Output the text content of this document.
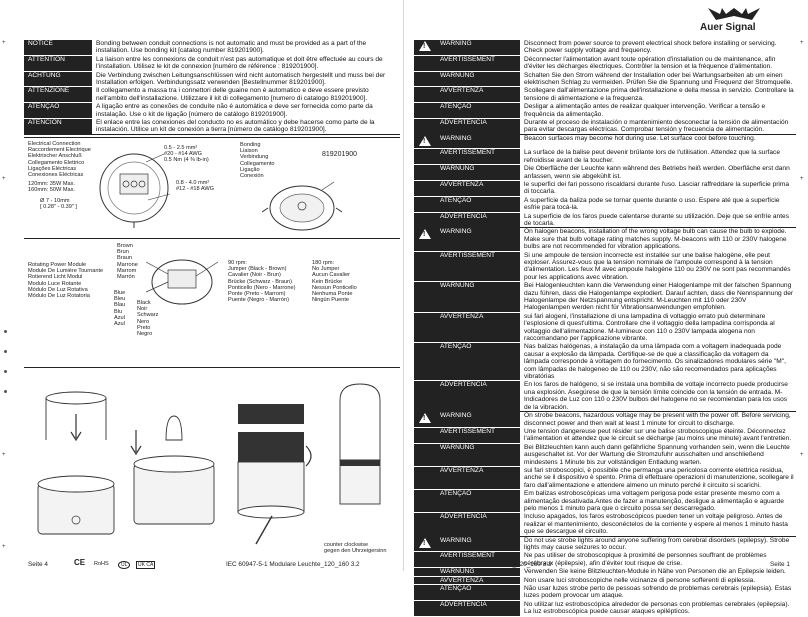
+
+
+
+
NOTICE	Bonding between conduit connections is not automatic and must be provided as a part of the installation. Use bonding kit [catalog number 819201900].
ATTENTION	La liaison entre les connexions de conduit n'est pas automatique et doit être effectuée au cours de l'installation. Utilisez le kit de connexion [numéro de référence : 819201900].
ACHTUNG	Die Verbindung zwischen Leitungsanschlüssen wird nicht automatisch hergestellt und muss bei der Installation erfolgen. Verbindungssatz verwenden [Bestellnummer 819201900].
ATTENZIONE	Il collegamento a massa tra i connettori delle guaine non è automatico e deve essere previsto nell'ambito dell'installazione. Utilizzare il kit di collegamento [numero di catalogo 819201900].
ATENÇÃO	A ligação entre as conexões de conduíte não é automática e deve ser fornecida como parte da instalação. Use o kit de ligação [número de catálogo 819201900].
ATENCION	El enlace entre las conexiones del conducto no es automático y debe hacerse como parte de la instalación. Utilice un kit de conexión a tierra [número de catálogo 819201900].
Electrical Connection
Raccordement Electrique
Elektrischer Anschluß
Collegamento Elettrico
Ligações Eléctricas
Conexiones Eléctricas
120mm: 35W Max.
160mm: 50W Max.
0.5 - 2.5 mm²
#20 - #14 AWG
0.5 Nm (4 ⅜ lb-in)
0.8 - 4.0 mm²
#12 - #18 AWG
Ø 7 - 10mm
[ 0.28" - 0.39" ]
Bonding
Liaison
Verbindung
Collegamento
Ligação
Conexión
819201900
Rotating Power Module
Module De Lumière Tournante
Rotierend Licht Modul
Modulo Luce Rotante
Módulo De Luz Rotativa
Módulo De Luz Rotatoria
Brown
Brun
Braun
Marrone
Marrom
Marrón
Blue
Bleu
Blau
Blu
Azul
Azul
Black
Noir
Schwarz
Nero
Preto
Negro
90 rpm:
Jumper (Black - Brown)
Cavalier (Noir - Brun)
Brücke (Schwarz - Braun)
Ponticello (Nero - Marrone)
Ponte (Preto - Marrom)
Puente (Negro - Marrón)
180 rpm:
No Jumper
Aucun Cavalier
Kein Brücke
Nessun Ponticello
Nenhuma Ponte
Ningún Puente
counter clockwise
gegen den Uhrzeigersinn
Seite 4	CE RoHS	UL	UK CA	IEC 60947-5-1 Modulare Leuchte_120_160 3.2
Auer Signal
+
+
+
!	WARNING	Disconnect from power source to prevent electrical shock before installing or servicing. Check power supply voltage and frequency.
	AVERTISSEMENT	Déconnecter l'alimentation avant toute opération d'installation ou de maintenance, afin d'éviter les décharges électriques. Contrôler la tension et la fréquence d'alimentation.
	WARNUNG	Schalten Sie den Strom während der Installation oder bei Wartungsarbeiten ab um einen elektrischen Schlag zu vermeiden. Prüfen Sie die Spannung und Frequenz der Stromquelle.
	AVVERTENZA	Scollegare dall'alimentazione prima dell'installazione e della messa in servizio. Controllare la tensione di alimentazione e la frequenza.
	ATENÇÃO	Desligar a alimentação antes de realizar qualquer intervenção. Verificar a tensão e frequência da alimentação.
	ADVERTENCIA	Durante el proceso de instalación o mantenimiento desconectar la tensión de alimentación para evitar descargas eléctricas. Comprobar tensión y frecuencia de alimentación.

!	WARNING	Beacon surfaces may become hot during use. Let surface cool before touching.
	AVERTISSEMENT	La surface de la balise peut devenir brûlante lors de l'utilisation. Attendez que la surface refroidisse avant de la toucher.
	WARNUNG	Die Oberfläche der Leuchte kann während des Betriebs heiß werden. Oberfläche erst dann anfassen, wenn sie abgekühlt ist.
	AVVERTENZA	le superfici dei fari possono riscaldarsi durante l'uso. Lasciar raffreddare la superficie prima di toccarla.
	ATENÇÃO	A superfície da baliza pode se tornar quente durante o uso. Espere até que a superfície esfrie para tocá-la.
	ADVERTENCIA	La superficie de los faros puede calentarse durante su utilización. Deje que se enfríe antes de tocarla.

!	WARNING	On halogen beacons, installation of the wrong voltage bulb can cause the bulb to explode. Make sure that bulb voltage rating matches supply. M-beacons with 110 or 230V halogene bulbs are not recommended for vibration applications.
	AVERTISSEMENT	Si une ampoule de tension incorrecte est installée sur une balise halogène, elle peut exploser. Assurez-vous que la tension nominale de l'ampoule correspond à la tension d'alimentation. Les feux M avec ampoule halogène 110 ou 230V ne sont pas recommandés pour les applications avec vibration.
	WARNUNG	Bei Halogenleuchten kann die Verwendung einer Halogenlampe mit der falschen Spannung dazu führen, dass die Halogenlampe explodiert. Darauf achten, dass die Nennspannung der Halogenlampe der Netzspannung entspricht. M-Leuchten mit 110 oder 230V Halogenlampen werden nicht für Vibrationsanwendungen empfohlen.
	AVVERTENZA	sui fari alogeni, l'installazione di una lampadina di voltaggio errato può determinare l'esplosione di quest'ultima. Controllare che il voltaggio della lampadina corrisponda al voltaggio dell'alimentazione. M-lumineux con 110 o 230V lampada alogena non raccomandano per l'applicazione vibrante.
	ATENÇÃO	Nas balizas halógenas, a instalação da uma lâmpada com a voltagem inadequada pode causar a explosão da lâmpada. Certifique-se de que a classificação da voltagem da lâmpada corresponde à voltagem do fornecimento. Os sinalizadores modulares série "M", com lâmpadas de halogeneo de 110 ou 230V, não são recomendados para aplicações vibratórias
	ADVERTENCIA	En los faros de halógeno, si se instala una bombilla de voltaje incorrecto puede producirse una explosión. Asegúrese de que la tensión límite coincide con la tensión de entrada. M-Indicadores de Luz con 110 o 230V bulbos del halogene no se recomiendan para los usos de la vibración.

!	WARNING	On strobe beacons, hazardous voltage may be present with the power off. Before servicing, disconnect power and then wait at least 1 minute for circuit to discharge.
	AVERTISSEMENT	Une tension dangereuse peut résider sur une balise stroboscopique éteinte. Déconnectez l'alimentation et attendez que le circuit se décharge (au moins une minute) avant l'entretien.
	WARNUNG	Bei Blitzleuchten kann auch dann gefährliche Spannung vorhanden sein, wenn die Leuchte ausgeschaltet ist. Vor der Wartung die Stromzufuhr ausschalten und anschließend mindestens 1 Minute bis zur vollständigen Entladung warten.
	AVVERTENZA	sui fari stroboscopici, è possibile che permanga una pericolosa corrente elettrica residua, anche se il dispositivo è spento. Prima di effettuare operazioni di manutenzione, scollegare il faro dall'alimentazione e attendere almeno un minuto perché il circuito si scarichi.
	ATENÇÃO	Em balizas estroboscópicas uma voltagem perigosa pode estar presente mesmo com a alimentação desativada.Antes de fazer a manutenção, desligue a alimentação e aguarde pelo menos 1 minuto para que o circuito possa ser descarregado.
	ADVERTENCIA	Incluso apagados, los faros estroboscópicos pueden tener un voltaje peligroso. Antes de realizar el mantenimiento, desconéctelos de la corriente y espere al menos 1 minuto hasta que se descargue el circuito.

!	WARNING	Do not use strobe lights around anyone suffering from cerebral disorders (epilepsy). Strobe lights may cause seizures to occur.
	AVERTISSEMENT	Ne pas utiliser de stroboscopique à proximité de personnes souffrant de problèmes cérébraux (épilepsie), afin d'éviter tout risque de crise.
	WARNUNG	Verwenden Sie keine Blitzleuchten-Module in Nähe von Personen die an Epilepsie leiden.
	AVVERTENZA	Non usare luci stroboscopiche nelle vicinanze di persone sofferenti di epilessia.
	ATENÇÃO	Não usar luzes strobe perto de pessoas sofrendo de problemas cerebrais (epilepsia). Estas luzes podem provocar um ataque.
	ADVERTENCIA	No utilizar luz estroboscópica alrededor de personas con problemas cerebrales (epilepsia). La luz estroboscópica puede causar ataques epilépticos.
IEC 60947-5-1 Modulare Leuchte_120_160 3.3	Seite 1
